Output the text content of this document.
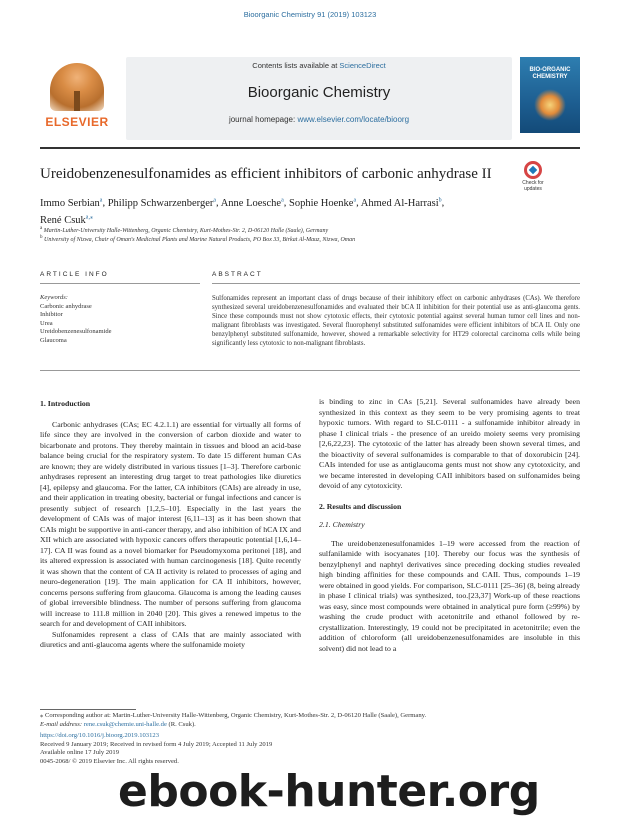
Bioorganic Chemistry 91 (2019) 103123
ELSEVIER
Contents lists available at ScienceDirect
Bioorganic Chemistry
journal homepage: www.elsevier.com/locate/bioorg
BIO-ORGANIC CHEMISTRY
Ureidobenzenesulfonamides as efficient inhibitors of carbonic anhydrase II
Check for updates
Immo Serbian$^a$, Philipp Schwarzenberger$^a$, Anne Loesche$^a$, Sophie Hoenke$^a$, Ahmed Al-Harrasi$^b$,
René Csuk$^{a,⁎}$
$^a$ Martin-Luther-University Halle-Wittenberg, Organic Chemistry, Kurt-Mothes-Str. 2, D-06120 Halle (Saale), Germany
$^b$ University of Nizwa, Chair of Oman's Medicinal Plants and Marine Natural Products, PO Box 33, Birkat Al-Mauz, Nizwa, Oman
ARTICLE INFO	ABSTRACT
Keywords:
Carbonic anhydrase
Inhibitor
Urea
Ureidobenzenesulfonamide
Glaucoma
Sulfonamides represent an important class of drugs because of their inhibitory effect on carbonic anhydrases (CAs). We therefore synthesized several ureidobenzenesulfonamides and evaluated their bCA II inhibition for their potential use as anti-glaucoma gents. Since these compounds must not show cytotoxic effects, their cytotoxic potential against several human tumor cell lines and non-malignant fibroblasts was investigated. Several fluorophenyl substituted sulfonamides were efficient inhibitors of bCA II. Only one benzylphenyl substituted sulfonamide, however, showed a remarkable selectivity for HT29 colorectal carcinoma cells while being significantly less cytotoxic to non-malignant fibroblasts.

1. Introduction

Carbonic anhydrases (CAs; EC 4.2.1.1) are essential for virtually all forms of life since they are involved in the conversion of carbon dioxide and water to bicarbonate and protons. They thereby maintain in tissues and blood an acid-base balance being crucial for the respiratory system. To date 15 different human CAs are known; they are widely distributed in various tissues [1–3]. Therefore carbonic anhydrases represent an interesting drug target to treat pathologies like diuretics [4], epilepsy and glaucoma. For the latter, CA inhibitors (CAIs) are already in use, and their application in treating obesity, bacterial or fungal infections and cancer is presently subject of research [1,2,5–10]. Especially in the last years the development of CAIs was of major interest [6,11–13] as it has been shown that CAIs might be supportive in anti-cancer therapy, and also inhibition of hCA IX and XII which are associated with hypoxic cancers offers therapeutic potential [1,6,14–17]. CA II was found as a novel biomarker for Pseudomyxoma peritonei [18], and its altered expression is associated with human carcinogenesis [18]. Quite recently it was shown that the content of CA II activity is related to processes of aging and neuro-degeneration [19]. The main application for CA II inhibitors, however, concerns persons suffering from glaucoma. Glaucoma is among the leading causes of global irreversible blindness. The number of persons suffering from glaucoma will increase to 111.8 million in 2040 [20]. This gives a renewed impetus to the search for and development of CAII inhibitors.

Sulfonamides represent a class of CAIs that are mainly associated with diuretics and anti-glaucoma agents where the sulfonamide moiety

is binding to zinc in CAs [5,21]. Several sulfonamides have already been synthesized in this context as they seem to be very promising agents to treat hypoxic tumors. With regard to SLC-0111 - a sulfonamide inhibitor already in phase I clinical trials - the presence of an ureido moiety seems very promising [2,6,22,23]. The cytotoxic of the latter has already been shown several times, and the bioactivity of several sulfonamides is comparable to that of doxorubicin [24]. CAIs intended for use as antiglaucoma gents must not show any cytotoxicity, and we became interested in developing CAII inhibitors based on sulfonamides being devoid of any cytotoxicity.

2. Results and discussion

2.1. Chemistry

The ureidobenzenesulfonamides 1–19 were accessed from the reaction of sulfanilamide with isocyanates [10]. Thereby our focus was the synthesis of benzylphenyl and naphtyl derivatives since preceding docking studies revealed high binding affinities for these compounds and CAII. Thus, compounds 1–19 were obtained in good yields. For comparison, SLC-0111 [25–36] (8, being already in phase I clinical trials) was synthesized, too.[23,37] Work-up of these reactions was easy, since most compounds were obtained in analytical pure form (≥99%) by washing the crude product with acetonitrile and ethanol followed by re-crystallization. Interestingly, 19 could not be precipitated in acetonitrile; even the addition of chloroform (all ureidobenzenesulfonamides are insoluble in this solvent) did not lead to a

⁎ Corresponding author at: Martin-Luther-University Halle-Wittenberg, Organic Chemistry, Kurt-Mothes-Str. 2, D-06120 Halle (Saale), Germany.
E-mail address: rene.csuk@chemie.uni-halle.de (R. Csuk).
https://doi.org/10.1016/j.bioorg.2019.103123
Received 9 January 2019; Received in revised form 4 July 2019; Accepted 11 July 2019
Available online 17 July 2019
0045-2068/ © 2019 Elsevier Inc. All rights reserved.
ebook-hunter.org
